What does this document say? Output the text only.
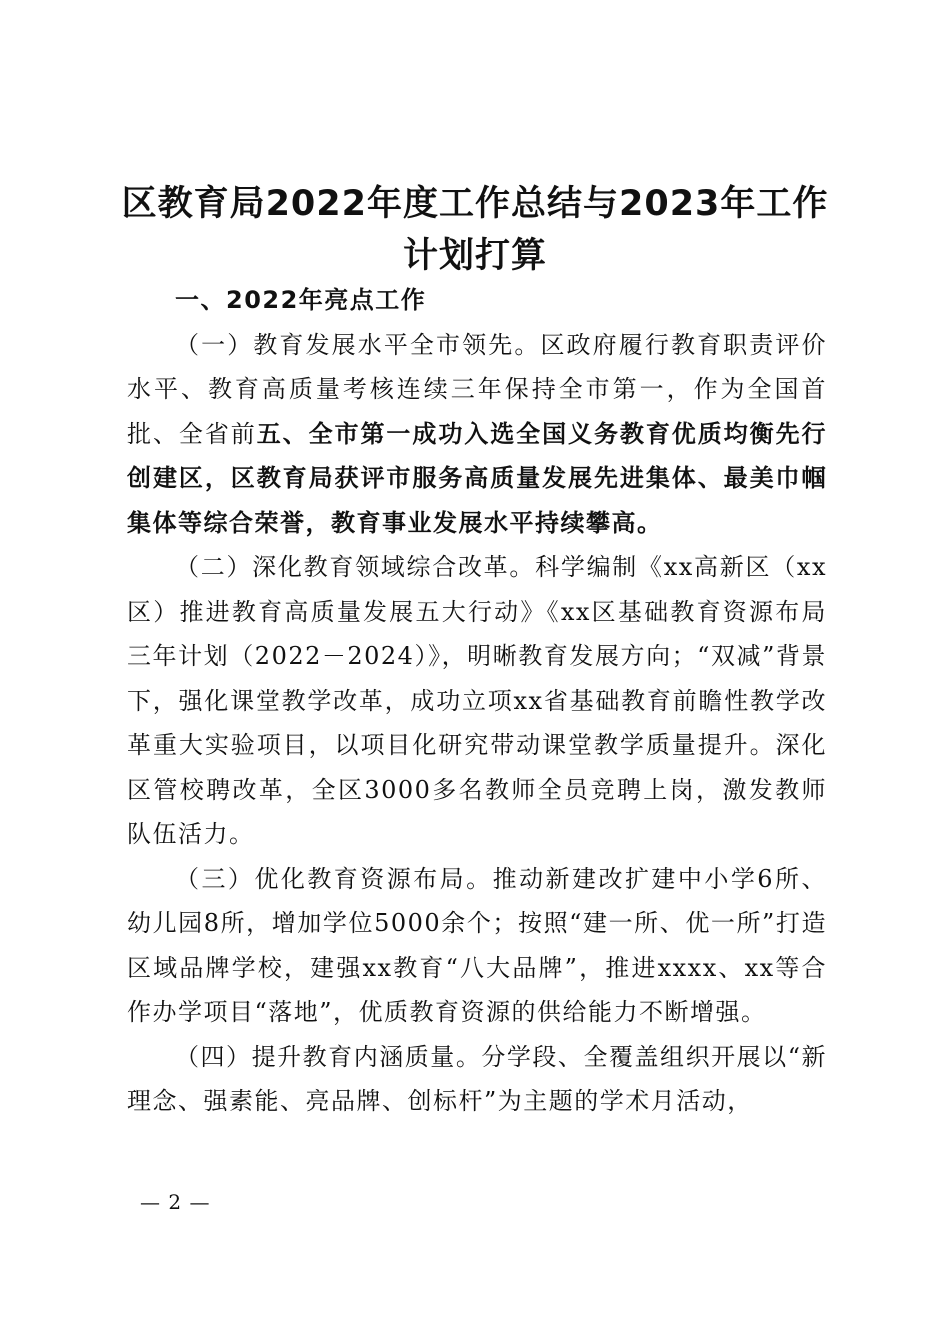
区教育局2022年度工作总结与2023年工作计划打算

一、2022年亮点工作

（一）教育发展水平全市领先。区政府履行教育职责评价水平、教育高质量考核连续三年保持全市第一，作为全国首批、全省前五、全市第一成功入选全国义务教育优质均衡先行创建区，区教育局获评市服务高质量发展先进集体、最美巾帼集体等综合荣誉，教育事业发展水平持续攀高。

（二）深化教育领域综合改革。科学编制《xx高新区（xx区）推进教育高质量发展五大行动》《xx区基础教育资源布局三年计划（2022－2024）》，明晰教育发展方向；“双减”背景下，强化课堂教学改革，成功立项xx省基础教育前瞻性教学改革重大实验项目，以项目化研究带动课堂教学质量提升。深化区管校聘改革，全区3000多名教师全员竞聘上岗，激发教师队伍活力。

（三）优化教育资源布局。推动新建改扩建中小学6所、幼儿园8所，增加学位5000余个；按照“建一所、优一所”打造区域品牌学校，建强xx教育“八大品牌”，推进xxxx、xx等合作办学项目“落地”，优质教育资源的供给能力不断增强。

（四）提升教育内涵质量。分学段、全覆盖组织开展以“新理念、强素能、亮品牌、创标杆”为主题的学术月活动，

— 2 —
